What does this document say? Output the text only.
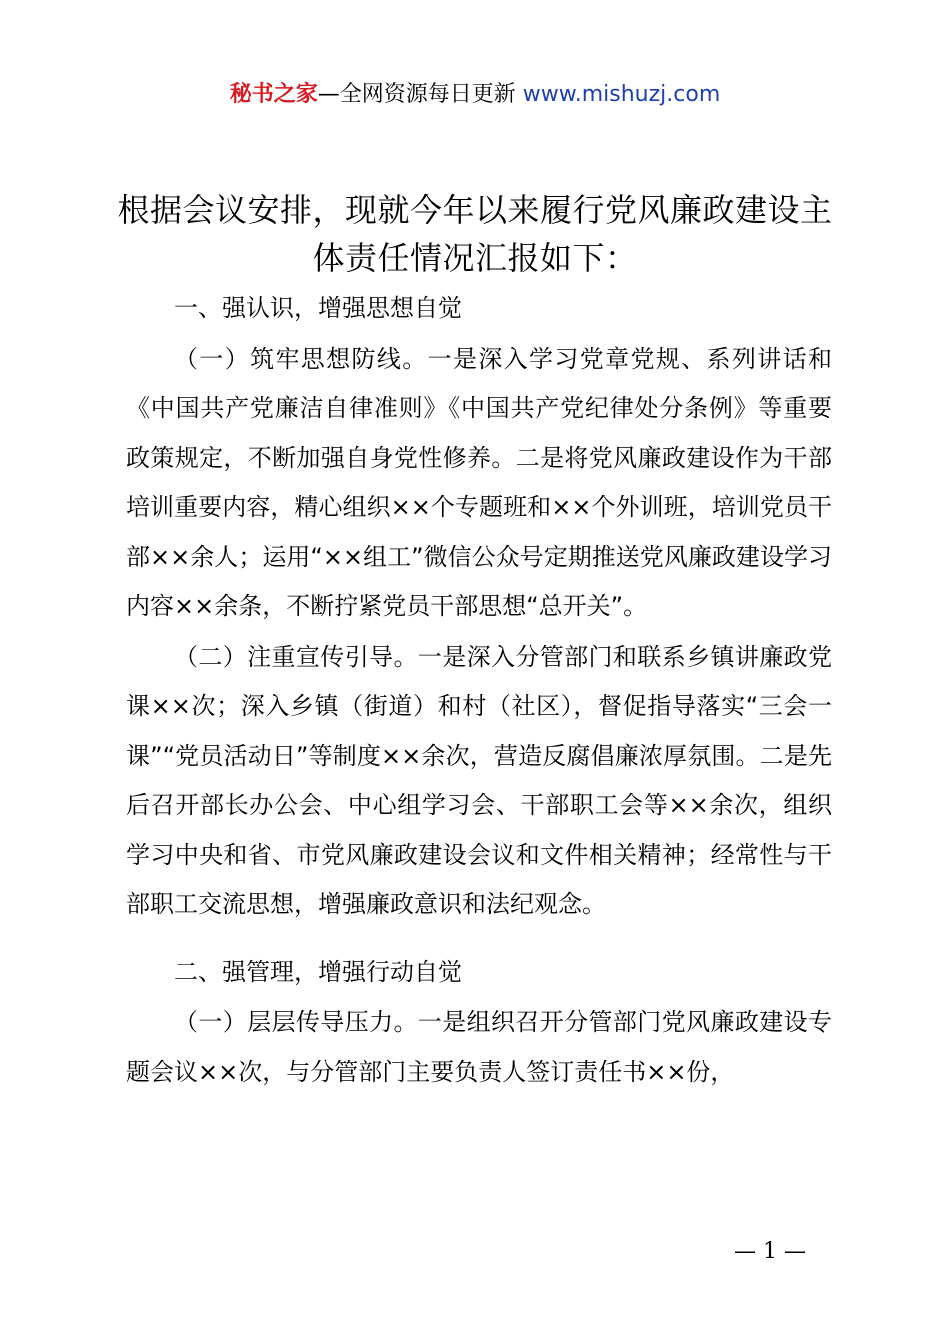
秘书之家—全网资源每日更新 www.mishuzj.com
根据会议安排，现就今年以来履行党风廉政建设主体责任情况汇报如下：

一、强认识，增强思想自觉

（一）筑牢思想防线。一是深入学习党章党规、系列讲话和《中国共产党廉洁自律准则》《中国共产党纪律处分条例》等重要政策规定，不断加强自身党性修养。二是将党风廉政建设作为干部培训重要内容，精心组织××个专题班和××个外训班，培训党员干部××余人；运用“××组工”微信公众号定期推送党风廉政建设学习内容××余条，不断拧紧党员干部思想“总开关”。

（二）注重宣传引导。一是深入分管部门和联系乡镇讲廉政党课××次；深入乡镇（街道）和村（社区），督促指导落实“三会一课”“党员活动日”等制度××余次，营造反腐倡廉浓厚氛围。二是先后召开部长办公会、中心组学习会、干部职工会等××余次，组织学习中央和省、市党风廉政建设会议和文件相关精神；经常性与干部职工交流思想，增强廉政意识和法纪观念。

二、强管理，增强行动自觉

（一）层层传导压力。一是组织召开分管部门党风廉政建设专题会议××次，与分管部门主要负责人签订责任书××份，

— 1 —
